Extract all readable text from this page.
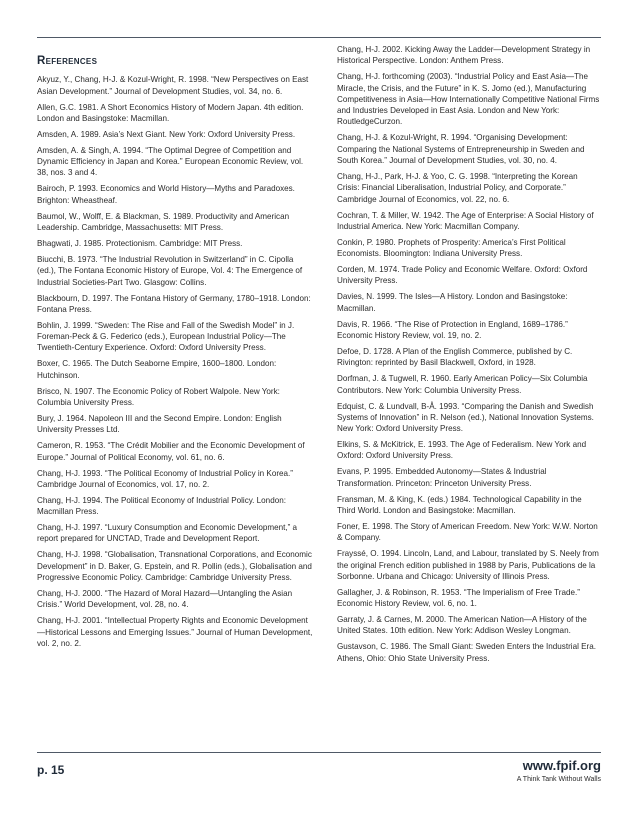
References

Akyuz, Y., Chang, H-J. & Kozul-Wright, R. 1998. “New Perspectives on East Asian Development.” Journal of Development Studies, vol. 34, no. 6.

Allen, G.C. 1981. A Short Economics History of Modern Japan. 4th edition. London and Basingstoke: Macmillan.

Amsden, A. 1989. Asia’s Next Giant. New York: Oxford University Press.

Amsden, A. & Singh, A. 1994. “The Optimal Degree of Competition and Dynamic Efficiency in Japan and Korea.” European Economic Review, vol. 38, nos. 3 and 4.

Bairoch, P. 1993. Economics and World History—Myths and Paradoxes. Brighton: Wheastheaf.

Baumol, W., Wolff, E. & Blackman, S. 1989. Productivity and American Leadership. Cambridge, Massachusetts: MIT Press.

Bhagwati, J. 1985. Protectionism. Cambridge: MIT Press.

Biucchi, B. 1973. “The Industrial Revolution in Switzerland” in C. Cipolla (ed.), The Fontana Economic History of Europe, Vol. 4: The Emergence of Industrial Societies-Part Two. Glasgow: Collins.

Blackbourn, D. 1997. The Fontana History of Germany, 1780–1918. London: Fontana Press.

Bohlin, J. 1999. “Sweden: The Rise and Fall of the Swedish Model” in J. Foreman-Peck & G. Federico (eds.), European Industrial Policy—The Twentieth-Century Experience. Oxford: Oxford University Press.

Boxer, C. 1965. The Dutch Seaborne Empire, 1600–1800. London: Hutchinson.

Brisco, N. 1907. The Economic Policy of Robert Walpole. New York: Columbia University Press.

Bury, J. 1964. Napoleon III and the Second Empire. London: English University Presses Ltd.

Cameron, R. 1953. “The Crédit Mobilier and the Economic Development of Europe.” Journal of Political Economy, vol. 61, no. 6.

Chang, H-J. 1993. “The Political Economy of Industrial Policy in Korea.” Cambridge Journal of Economics, vol. 17, no. 2.

Chang, H-J. 1994. The Political Economy of Industrial Policy. London: Macmillan Press.

Chang, H-J. 1997. “Luxury Consumption and Economic Development,” a report prepared for UNCTAD, Trade and Development Report.

Chang, H-J. 1998. “Globalisation, Transnational Corporations, and Economic Development” in D. Baker, G. Epstein, and R. Pollin (eds.), Globalisation and Progressive Economic Policy. Cambridge: Cambridge University Press.

Chang, H-J. 2000. “The Hazard of Moral Hazard—Untangling the Asian Crisis.” World Development, vol. 28, no. 4.

Chang, H-J. 2001. “Intellectual Property Rights and Economic Development—Historical Lessons and Emerging Issues.” Journal of Human Development, vol. 2, no. 2.

Chang, H-J. 2002. Kicking Away the Ladder—Development Strategy in Historical Perspective. London: Anthem Press.

Chang, H-J. forthcoming (2003). “Industrial Policy and East Asia—The Miracle, the Crisis, and the Future” in K. S. Jomo (ed.), Manufacturing Competitiveness in Asia—How Internationally Competitive National Firms and Industries Developed in East Asia. London and New York: RoutledgeCurzon.

Chang, H-J. & Kozul-Wright, R. 1994. “Organising Development: Comparing the National Systems of Entrepreneurship in Sweden and South Korea.” Journal of Development Studies, vol. 30, no. 4.

Chang, H-J., Park, H-J. & Yoo, C. G. 1998. “Interpreting the Korean Crisis: Financial Liberalisation, Industrial Policy, and Corporate.” Cambridge Journal of Economics, vol. 22, no. 6.

Cochran, T. & Miller, W. 1942. The Age of Enterprise: A Social History of Industrial America. New York: Macmillan Company.

Conkin, P. 1980. Prophets of Prosperity: America’s First Political Economists. Bloomington: Indiana University Press.

Corden, M. 1974. Trade Policy and Economic Welfare. Oxford: Oxford University Press.

Davies, N. 1999. The Isles—A History. London and Basingstoke: Macmillan.

Davis, R. 1966. “The Rise of Protection in England, 1689–1786.” Economic History Review, vol. 19, no. 2.

Defoe, D. 1728. A Plan of the English Commerce, published by C. Rivington: reprinted by Basil Blackwell, Oxford, in 1928.

Dorfman, J. & Tugwell, R. 1960. Early American Policy—Six Columbia Contributors. New York: Columbia University Press.

Edquist, C. & Lundvall, B-Å. 1993. “Comparing the Danish and Swedish Systems of Innovation” in R. Nelson (ed.), National Innovation Systems. New York: Oxford University Press.

Elkins, S. & McKitrick, E. 1993. The Age of Federalism. New York and Oxford: Oxford University Press.

Evans, P. 1995. Embedded Autonomy—States & Industrial Transformation. Princeton: Princeton University Press.

Fransman, M. & King, K. (eds.) 1984. Technological Capability in the Third World. London and Basingstoke: Macmillan.

Foner, E. 1998. The Story of American Freedom. New York: W.W. Norton & Company.

Frayssé, O. 1994. Lincoln, Land, and Labour, translated by S. Neely from the original French edition published in 1988 by Paris, Publications de la Sorbonne. Urbana and Chicago: University of Illinois Press.

Gallagher, J. & Robinson, R. 1953. “The Imperialism of Free Trade.” Economic History Review, vol. 6, no. 1.

Garraty, J. & Carnes, M. 2000. The American Nation—A History of the United States. 10th edition. New York: Addison Wesley Longman.

Gustavson, C. 1986. The Small Giant: Sweden Enters the Industrial Era. Athens, Ohio: Ohio State University Press.

p. 15	www.fpif.org
A Think Tank Without Walls
